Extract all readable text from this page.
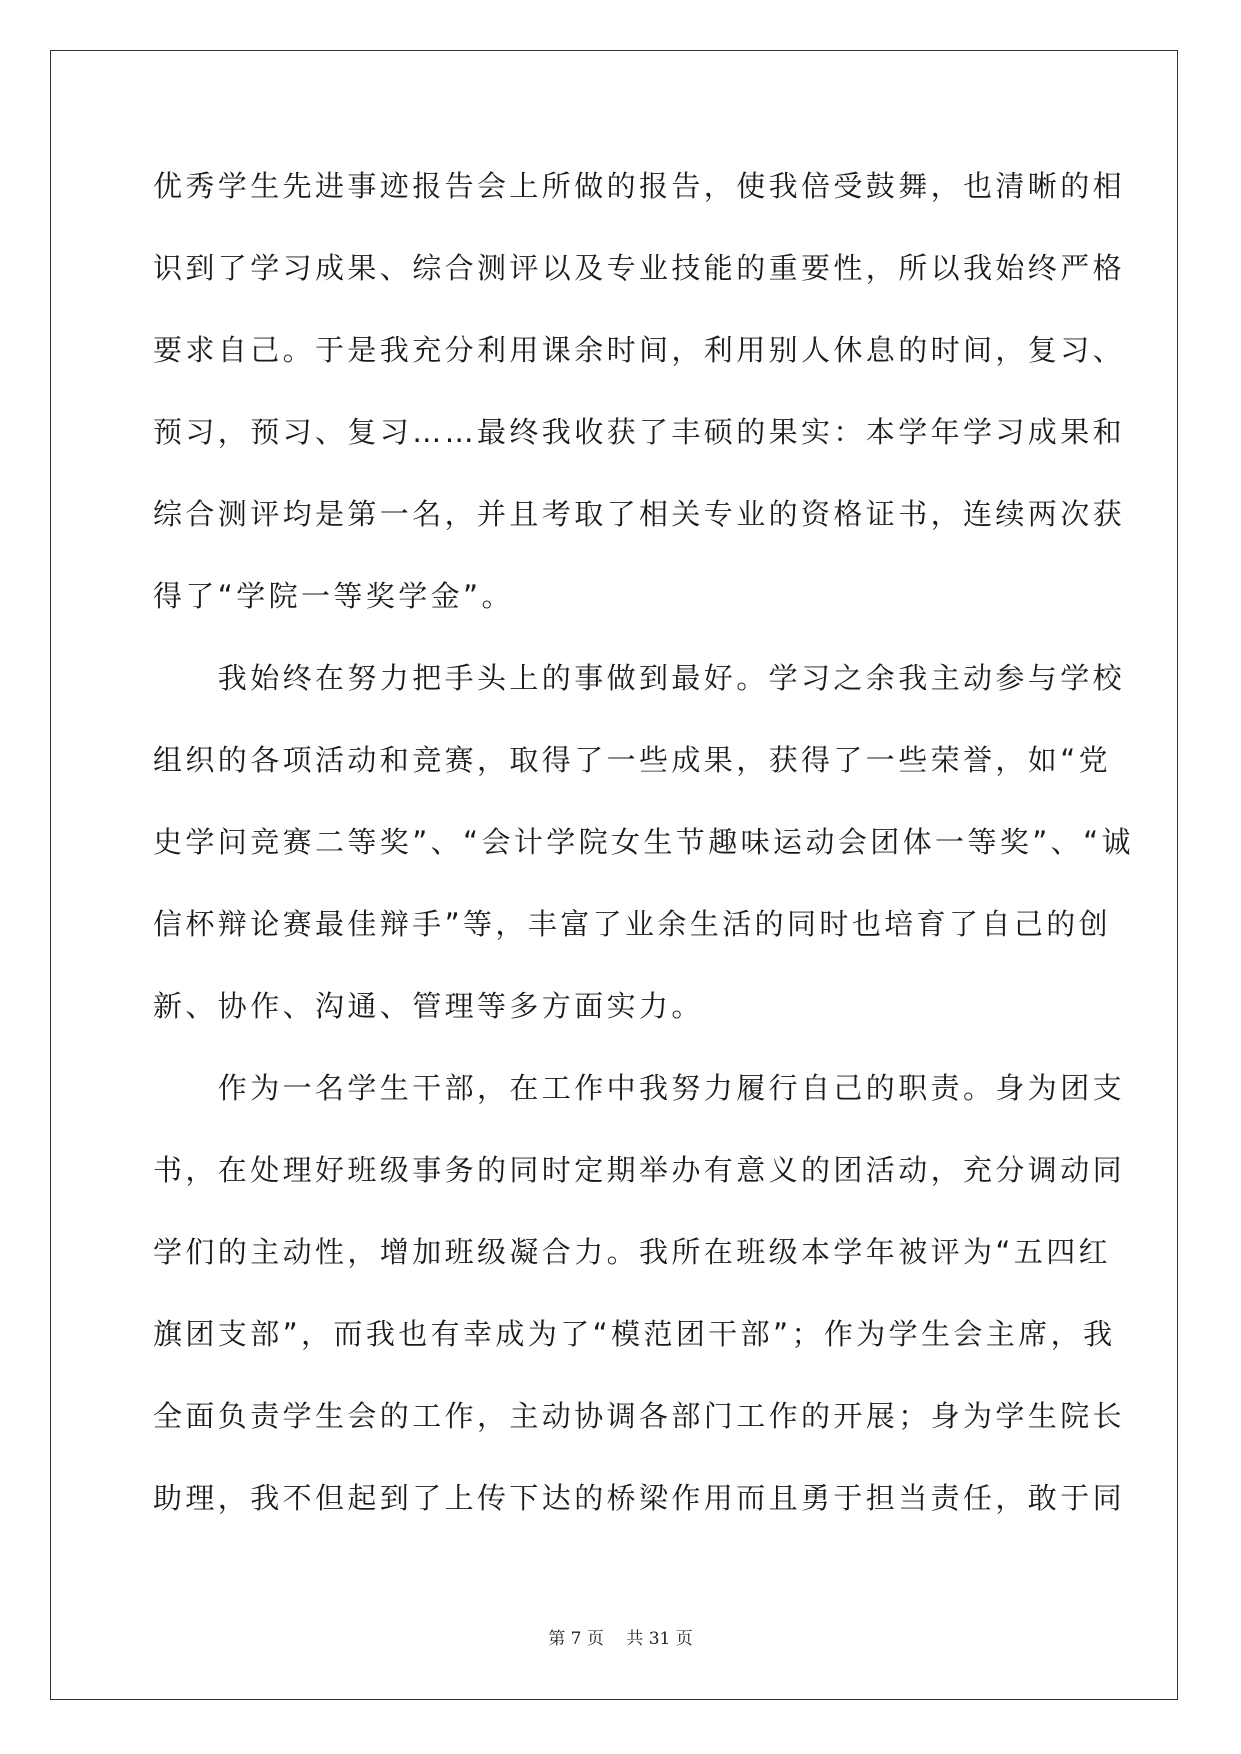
优秀学生先进事迹报告会上所做的报告，使我倍受鼓舞，也清晰的相
识到了学习成果、综合测评以及专业技能的重要性，所以我始终严格
要求自己。于是我充分利用课余时间，利用别人休息的时间，复习、
预习，预习、复习……最终我收获了丰硕的果实：本学年学习成果和
综合测评均是第一名，并且考取了相关专业的资格证书，连续两次获
得了“学院一等奖学金”。
　　我始终在努力把手头上的事做到最好。学习之余我主动参与学校
组织的各项活动和竞赛，取得了一些成果，获得了一些荣誉，如“党
史学问竞赛二等奖”、“会计学院女生节趣味运动会团体一等奖”、“诚
信杯辩论赛最佳辩手”等，丰富了业余生活的同时也培育了自己的创
新、协作、沟通、管理等多方面实力。
　　作为一名学生干部，在工作中我努力履行自己的职责。身为团支
书，在处理好班级事务的同时定期举办有意义的团活动，充分调动同
学们的主动性，增加班级凝合力。我所在班级本学年被评为“五四红
旗团支部”，而我也有幸成为了“模范团干部”；作为学生会主席，我
全面负责学生会的工作，主动协调各部门工作的开展；身为学生院长
助理，我不但起到了上传下达的桥梁作用而且勇于担当责任，敢于同
第 7 页　 共 31 页
